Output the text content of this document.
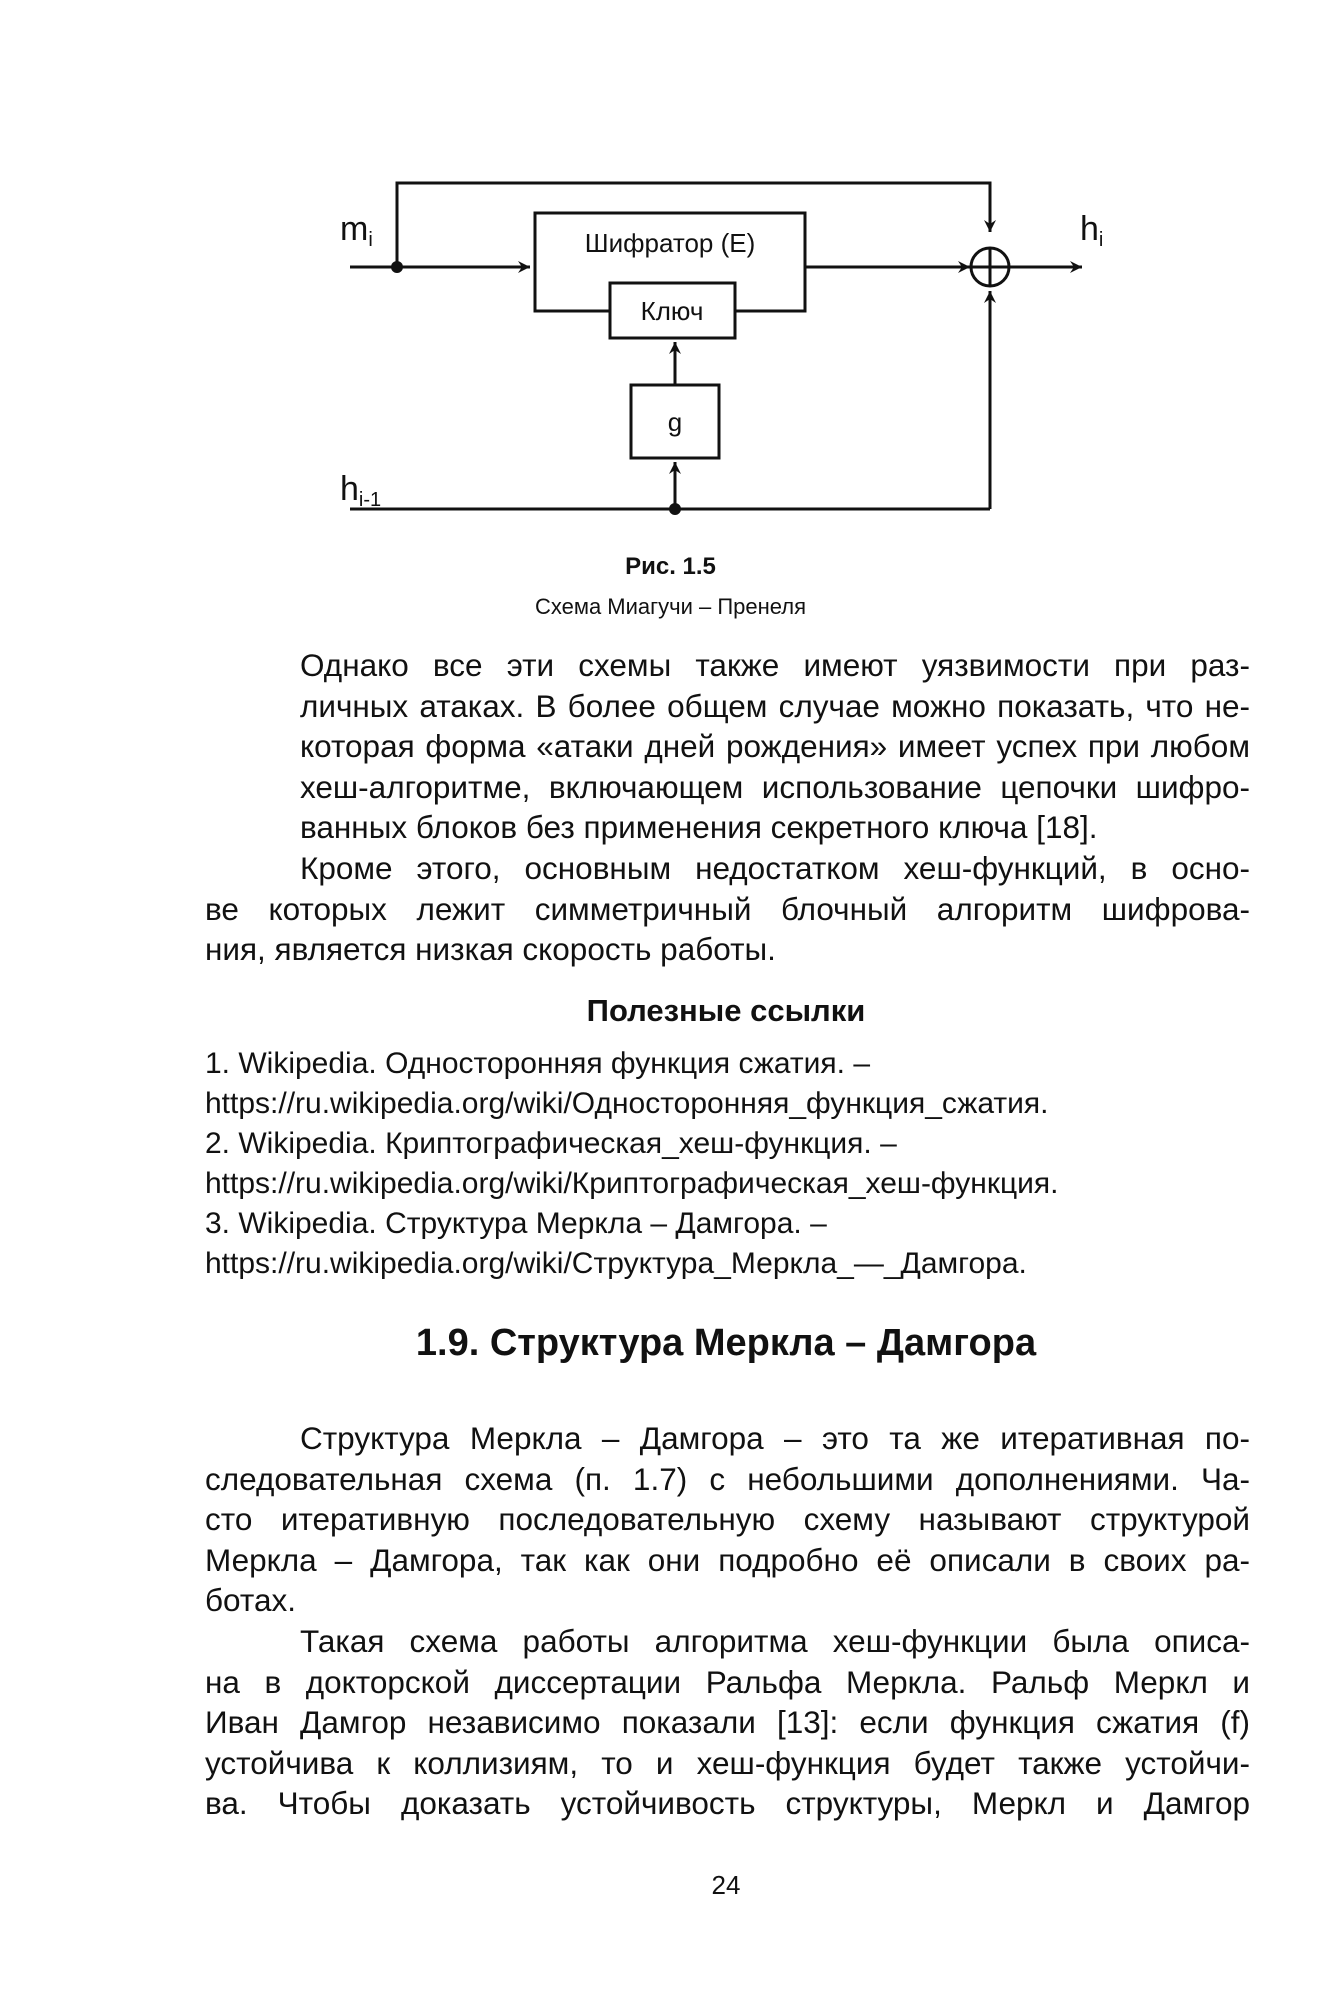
mi
hi-1
hi
Шифратор (E)
Ключ
g
Рис. 1.5
Схема Миагучи – Пренеля

Однако все эти схемы также имеют уязвимости при раз-
личных атаках. В более общем случае можно показать, что не-
которая форма «атаки дней рождения» имеет успех при любом
хеш-алгоритме, включающем использование цепочки шифро-
ванных блоков без применения секретного ключа [18].

Кроме этого, основным недостатком хеш-функций, в осно-
ве которых лежит симметричный блочный алгоритм шифрова-
ния, является низкая скорость работы.

Полезные ссылки
1. Wikipedia. Односторонняя функция сжатия. –
https://ru.wikipedia.org/wiki/Односторонняя_функция_сжатия.
2. Wikipedia. Криптографическая_хеш-функция. –
https://ru.wikipedia.org/wiki/Криптографическая_хеш-функция.
3. Wikipedia. Структура Меркла – Дамгора. –
https://ru.wikipedia.org/wiki/Структура_Меркла_—_Дамгора.
1.9. Структура Меркла – Дамгора

Структура Меркла – Дамгора – это та же итеративная по-
следовательная схема (п. 1.7) с небольшими дополнениями. Ча-
сто итеративную последовательную схему называют структурой
Меркла – Дамгора, так как они подробно её описали в своих ра-
ботах.

Такая схема работы алгоритма хеш-функции была описа-
на в докторской диссертации Ральфа Меркла. Ральф Меркл и
Иван Дамгор независимо показали [13]: если функция сжатия (f)
устойчива к коллизиям, то и хеш-функция будет также устойчи-
ва. Чтобы доказать устойчивость структуры, Меркл и Дамгор

24
